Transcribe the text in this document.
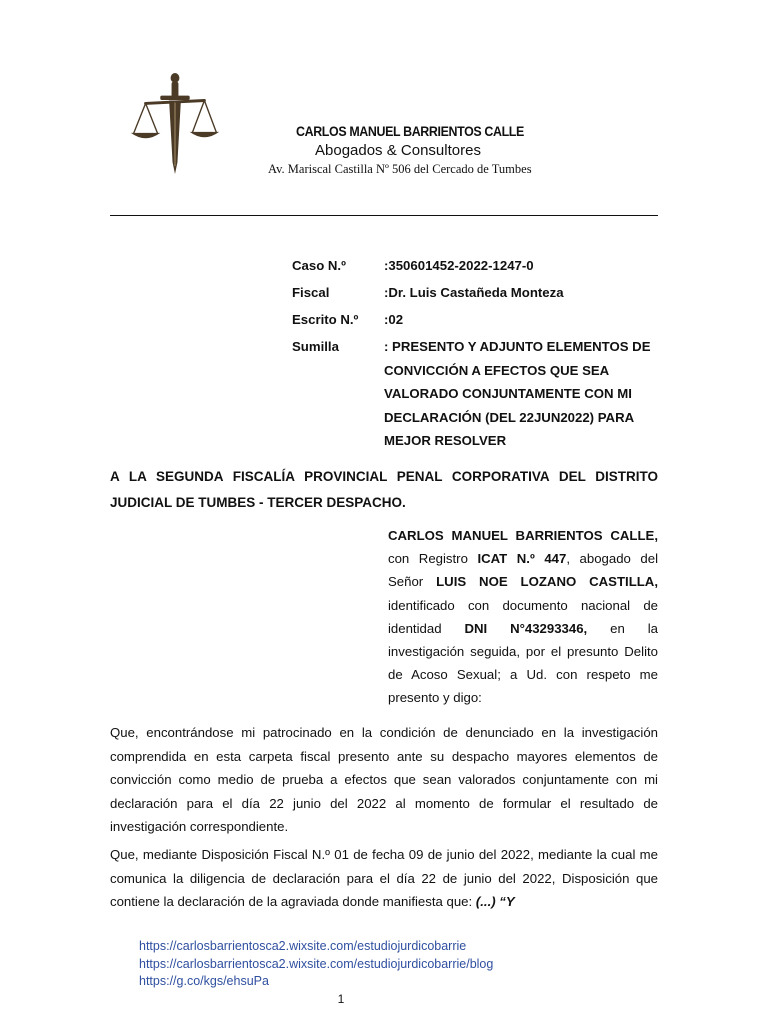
CARLOS MANUEL BARRIENTOS CALLE
Abogados & Consultores
Av. Mariscal Castilla Nº 506 del Cercado de Tumbes
Caso N.º	:350601452-2022-1247-0
Fiscal	:Dr. Luis Castañeda Monteza
Escrito N.º	:02
Sumilla	: PRESENTO Y ADJUNTO ELEMENTOS DE CONVICCIÓN A EFECTOS QUE SEA VALORADO CONJUNTAMENTE CON MI DECLARACIÓN (DEL 22JUN2022) PARA MEJOR RESOLVER
A LA SEGUNDA FISCALÍA PROVINCIAL PENAL CORPORATIVA DEL DISTRITO JUDICIAL DE TUMBES - TERCER DESPACHO.
CARLOS MANUEL BARRIENTOS CALLE, con Registro ICAT N.º 447, abogado del Señor LUIS NOE LOZANO CASTILLA, identificado con documento nacional de identidad DNI N°43293346, en la investigación seguida, por el presunto Delito de Acoso Sexual; a Ud. con respeto me presento y digo:
Que, encontrándose mi patrocinado en la condición de denunciado en la investigación comprendida en esta carpeta fiscal presento ante su despacho mayores elementos de convicción como medio de prueba a efectos que sean valorados conjuntamente con mi declaración para el día 22 junio del 2022 al momento de formular el resultado de investigación correspondiente.
Que, mediante Disposición Fiscal N.º 01 de fecha 09 de junio del 2022, mediante la cual me comunica la diligencia de declaración para el día 22 de junio del 2022, Disposición que contiene la declaración de la agraviada donde manifiesta que: (...) “Y
https://carlosbarrientosca2.wixsite.com/estudiojurdicobarrie
https://carlosbarrientosca2.wixsite.com/estudiojurdicobarrie/blog
https://g.co/kgs/ehsuPa
1
